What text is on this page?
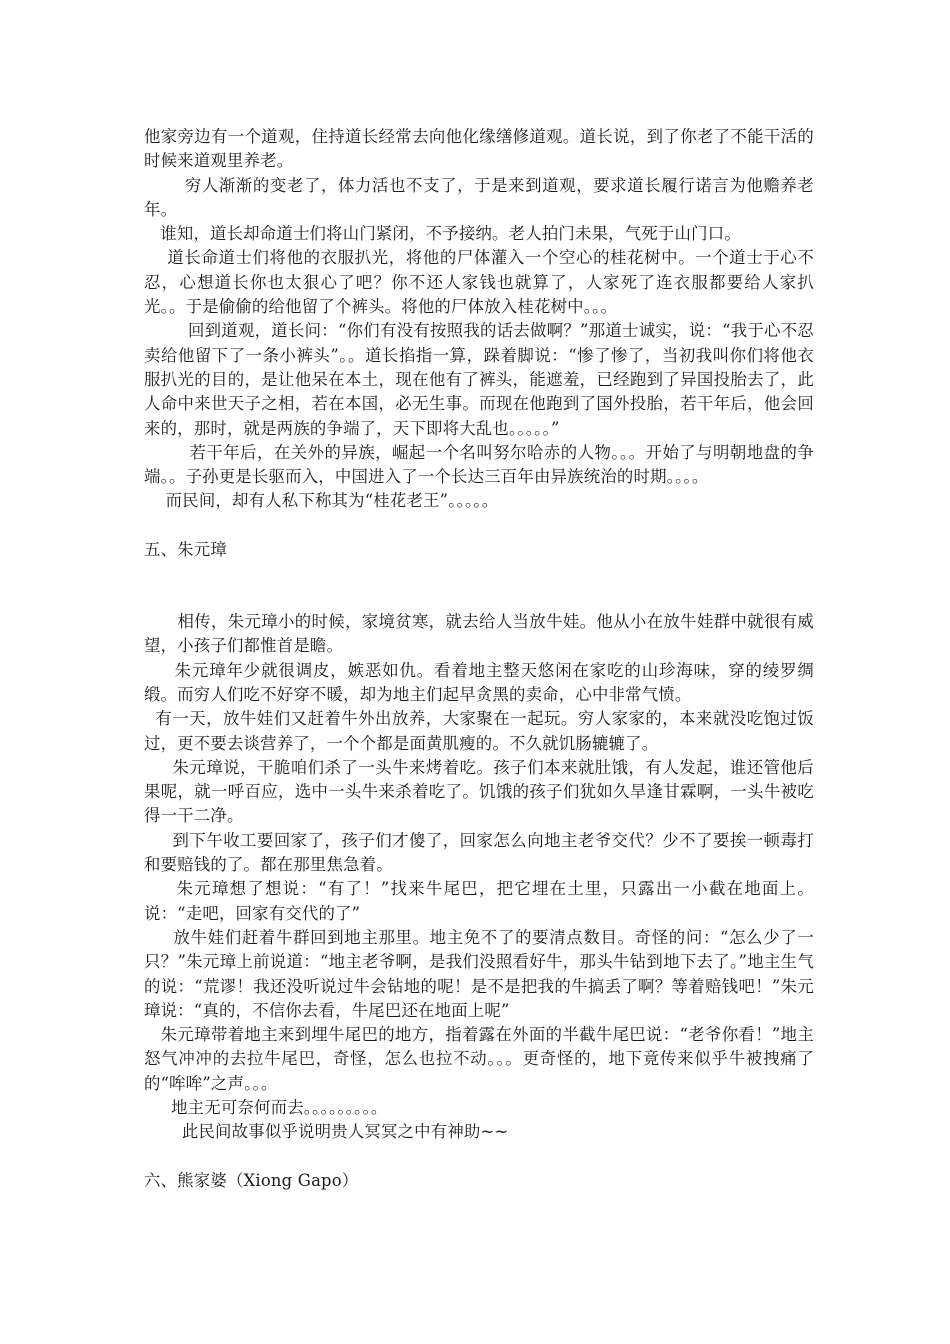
他家旁边有一个道观，住持道长经常去向他化缘缮修道观。道长说，到了你老了不能干活的时候来道观里养老。

穷人渐渐的变老了，体力活也不支了，于是来到道观，要求道长履行诺言为他赡养老年。

谁知，道长却命道士们将山门紧闭，不予接纳。老人拍门未果，气死于山门口。

道长命道士们将他的衣服扒光，将他的尸体灌入一个空心的桂花树中。一个道士于心不忍，心想道长你也太狠心了吧？你不还人家钱也就算了，人家死了连衣服都要给人家扒光。。于是偷偷的给他留了个裤头。将他的尸体放入桂花树中。。。

回到道观，道长问：“你们有没有按照我的话去做啊？”那道士诚实，说：“我于心不忍卖给他留下了一条小裤头”。。道长掐指一算，跺着脚说：“惨了惨了，当初我叫你们将他衣服扒光的目的，是让他呆在本土，现在他有了裤头，能遮羞，已经跑到了异国投胎去了，此人命中来世天子之相，若在本国，必无生事。而现在他跑到了国外投胎，若干年后，他会回来的，那时，就是两族的争端了，天下即将大乱也。。。。。”

若干年后，在关外的异族，崛起一个名叫努尔哈赤的人物。。。开始了与明朝地盘的争端。。子孙更是长驱而入，中国进入了一个长达三百年由异族统治的时期。。。。

而民间，却有人私下称其为“桂花老王”。。。。。

五、朱元璋

相传，朱元璋小的时候，家境贫寒，就去给人当放牛娃。他从小在放牛娃群中就很有威望，小孩子们都惟首是瞻。

朱元璋年少就很调皮，嫉恶如仇。看着地主整天悠闲在家吃的山珍海味，穿的绫罗绸缎。而穷人们吃不好穿不暖，却为地主们起早贪黑的卖命，心中非常气愤。

有一天，放牛娃们又赶着牛外出放养，大家聚在一起玩。穷人家家的，本来就没吃饱过饭过，更不要去谈营养了，一个个都是面黄肌瘦的。不久就饥肠辘辘了。

朱元璋说，干脆咱们杀了一头牛来烤着吃。孩子们本来就肚饿，有人发起，谁还管他后果呢，就一呼百应，选中一头牛来杀着吃了。饥饿的孩子们犹如久旱逢甘霖啊，一头牛被吃得一干二净。

到下午收工要回家了，孩子们才傻了，回家怎么向地主老爷交代？少不了要挨一顿毒打和要赔钱的了。都在那里焦急着。

朱元璋想了想说：“有了！”找来牛尾巴，把它埋在土里，只露出一小截在地面上。说：“走吧，回家有交代的了”

放牛娃们赶着牛群回到地主那里。地主免不了的要清点数目。奇怪的问：“怎么少了一只？”朱元璋上前说道：“地主老爷啊，是我们没照看好牛，那头牛钻到地下去了。”地主生气的说：“荒谬！我还没听说过牛会钻地的呢！是不是把我的牛搞丢了啊？等着赔钱吧！”朱元璋说：“真的，不信你去看，牛尾巴还在地面上呢”

朱元璋带着地主来到埋牛尾巴的地方，指着露在外面的半截牛尾巴说：“老爷你看！”地主怒气冲冲的去拉牛尾巴，奇怪，怎么也拉不动。。。更奇怪的，地下竟传来似乎牛被拽痛了的“哞哞”之声。。。

地主无可奈何而去。。。。。。。。。

此民间故事似乎说明贵人冥冥之中有神助~~

六、熊家婆（Xiong Gapo）
